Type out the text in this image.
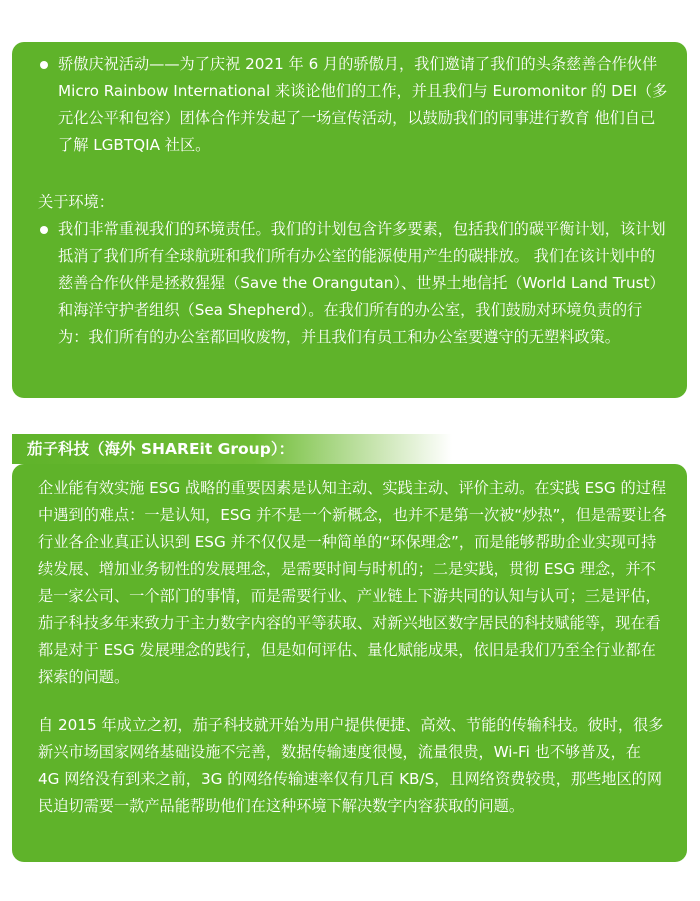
骄傲庆祝活动——为了庆祝 2021 年 6 月的骄傲月，我们邀请了我们的头条慈善合作伙伴 Micro Rainbow International 来谈论他们的工作，并且我们与 Euromonitor 的 DEI（多元化公平和包容）团体合作并发起了一场宣传活动，以鼓励我们的同事进行教育 他们自己了解 LGBTQIA 社区。
关于环境：
我们非常重视我们的环境责任。我们的计划包含许多要素，包括我们的碳平衡计划，该计划抵消了我们所有全球航班和我们所有办公室的能源使用产生的碳排放。 我们在该计划中的慈善合作伙伴是拯救猩猩（Save the Orangutan）、世界土地信托（World Land Trust）和海洋守护者组织（Sea Shepherd）。在我们所有的办公室，我们鼓励对环境负责的行为：我们所有的办公室都回收废物，并且我们有员工和办公室要遵守的无塑料政策。
茄子科技（海外 SHAREit Group）：

企业能有效实施 ESG 战略的重要因素是认知主动、实践主动、评价主动。在实践 ESG 的过程中遇到的难点：一是认知，ESG 并不是一个新概念，也并不是第一次被“炒热”，但是需要让各行业各企业真正认识到 ESG 并不仅仅是一种简单的“环保理念”，而是能够帮助企业实现可持续发展、增加业务韧性的发展理念，是需要时间与时机的；二是实践，贯彻 ESG 理念，并不是一家公司、一个部门的事情，而是需要行业、产业链上下游共同的认知与认可；三是评估，茄子科技多年来致力于主力数字内容的平等获取、对新兴地区数字居民的科技赋能等，现在看都是对于 ESG 发展理念的践行，但是如何评估、量化赋能成果，依旧是我们乃至全行业都在探索的问题。

自 2015 年成立之初，茄子科技就开始为用户提供便捷、高效、节能的传输科技。彼时，很多新兴市场国家网络基础设施不完善，数据传输速度很慢，流量很贵，Wi-Fi 也不够普及，在 4G 网络没有到来之前，3G 的网络传输速率仅有几百 KB/S，且网络资费较贵，那些地区的网民迫切需要一款产品能帮助他们在这种环境下解决数字内容获取的问题。
